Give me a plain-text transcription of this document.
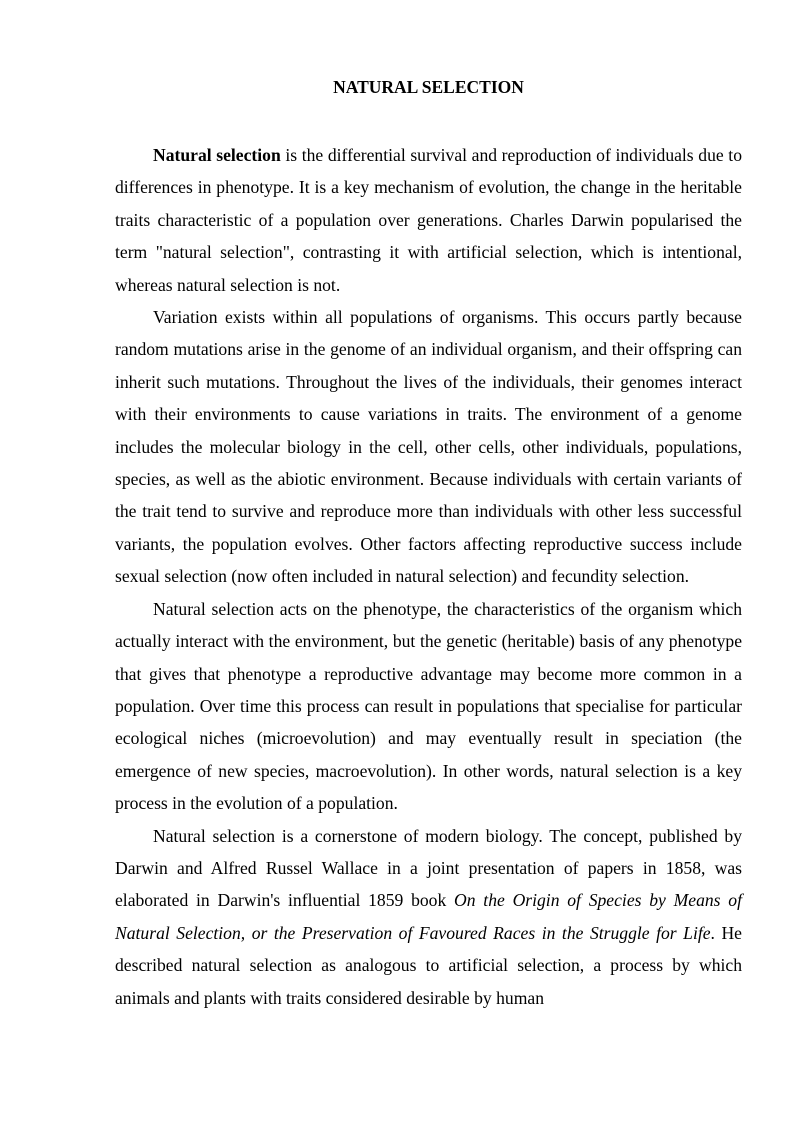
NATURAL SELECTION

Natural selection is the differential survival and reproduction of individuals due to differences in phenotype. It is a key mechanism of evolution, the change in the heritable traits characteristic of a population over generations. Charles Darwin popularised the term "natural selection", contrasting it with artificial selection, which is intentional, whereas natural selection is not.

Variation exists within all populations of organisms. This occurs partly because random mutations arise in the genome of an individual organism, and their offspring can inherit such mutations. Throughout the lives of the individuals, their genomes interact with their environments to cause variations in traits. The environment of a genome includes the molecular biology in the cell, other cells, other individuals, populations, species, as well as the abiotic environment. Because individuals with certain variants of the trait tend to survive and reproduce more than individuals with other less successful variants, the population evolves. Other factors affecting reproductive success include sexual selection (now often included in natural selection) and fecundity selection.

Natural selection acts on the phenotype, the characteristics of the organism which actually interact with the environment, but the genetic (heritable) basis of any phenotype that gives that phenotype a reproductive advantage may become more common in a population. Over time this process can result in populations that specialise for particular ecological niches (microevolution) and may eventually result in speciation (the emergence of new species, macroevolution). In other words, natural selection is a key process in the evolution of a population.

Natural selection is a cornerstone of modern biology. The concept, published by Darwin and Alfred Russel Wallace in a joint presentation of papers in 1858, was elaborated in Darwin's influential 1859 book On the Origin of Species by Means of Natural Selection, or the Preservation of Favoured Races in the Struggle for Life. He described natural selection as analogous to artificial selection, a process by which animals and plants with traits considered desirable by human
